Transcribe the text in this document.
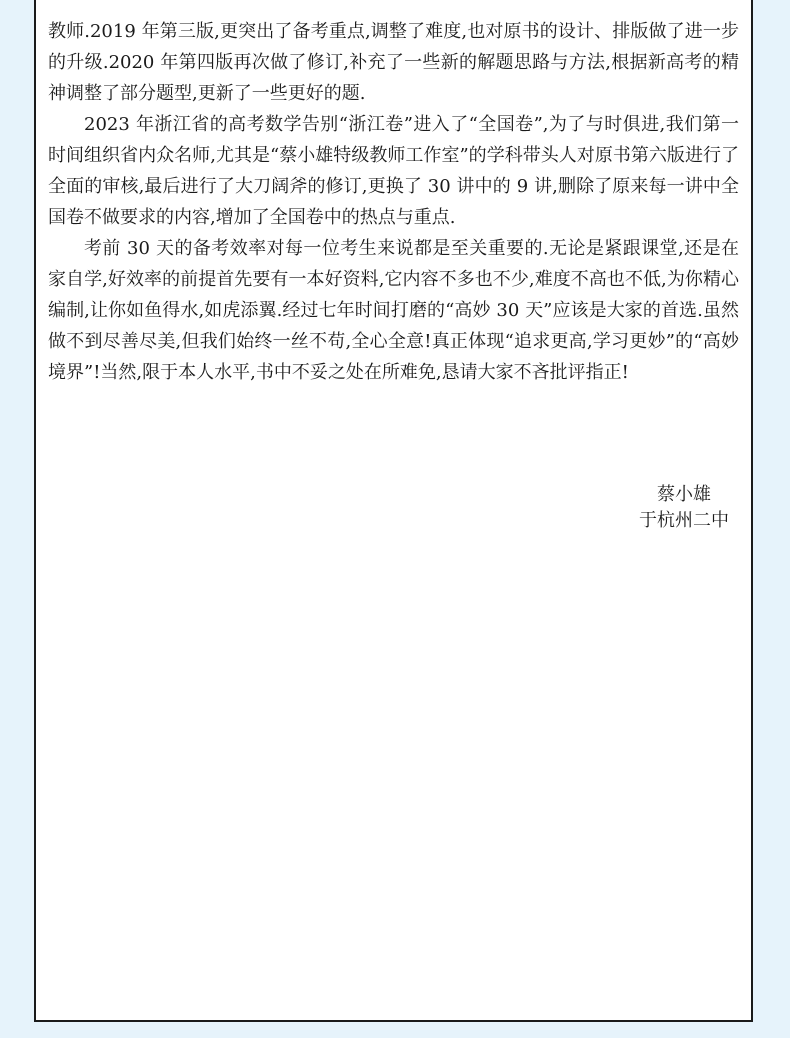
教师.2019 年第三版,更突出了备考重点,调整了难度,也对原书的设计、排版做了进一步的升级.2020 年第四版再次做了修订,补充了一些新的解题思路与方法,根据新高考的精神调整了部分题型,更新了一些更好的题.

2023 年浙江省的高考数学告别“浙江卷”进入了“全国卷”,为了与时俱进,我们第一时间组织省内众名师,尤其是“蔡小雄特级教师工作室”的学科带头人对原书第六版进行了全面的审核,最后进行了大刀阔斧的修订,更换了 30 讲中的 9 讲,删除了原来每一讲中全国卷不做要求的内容,增加了全国卷中的热点与重点.

考前 30 天的备考效率对每一位考生来说都是至关重要的.无论是紧跟课堂,还是在家自学,好效率的前提首先要有一本好资料,它内容不多也不少,难度不高也不低,为你精心编制,让你如鱼得水,如虎添翼.经过七年时间打磨的“高妙 30 天”应该是大家的首选.虽然做不到尽善尽美,但我们始终一丝不苟,全心全意!真正体现“追求更高,学习更妙”的“高妙境界”!当然,限于本人水平,书中不妥之处在所难免,恳请大家不吝批评指正!

蔡小雄
于杭州二中
